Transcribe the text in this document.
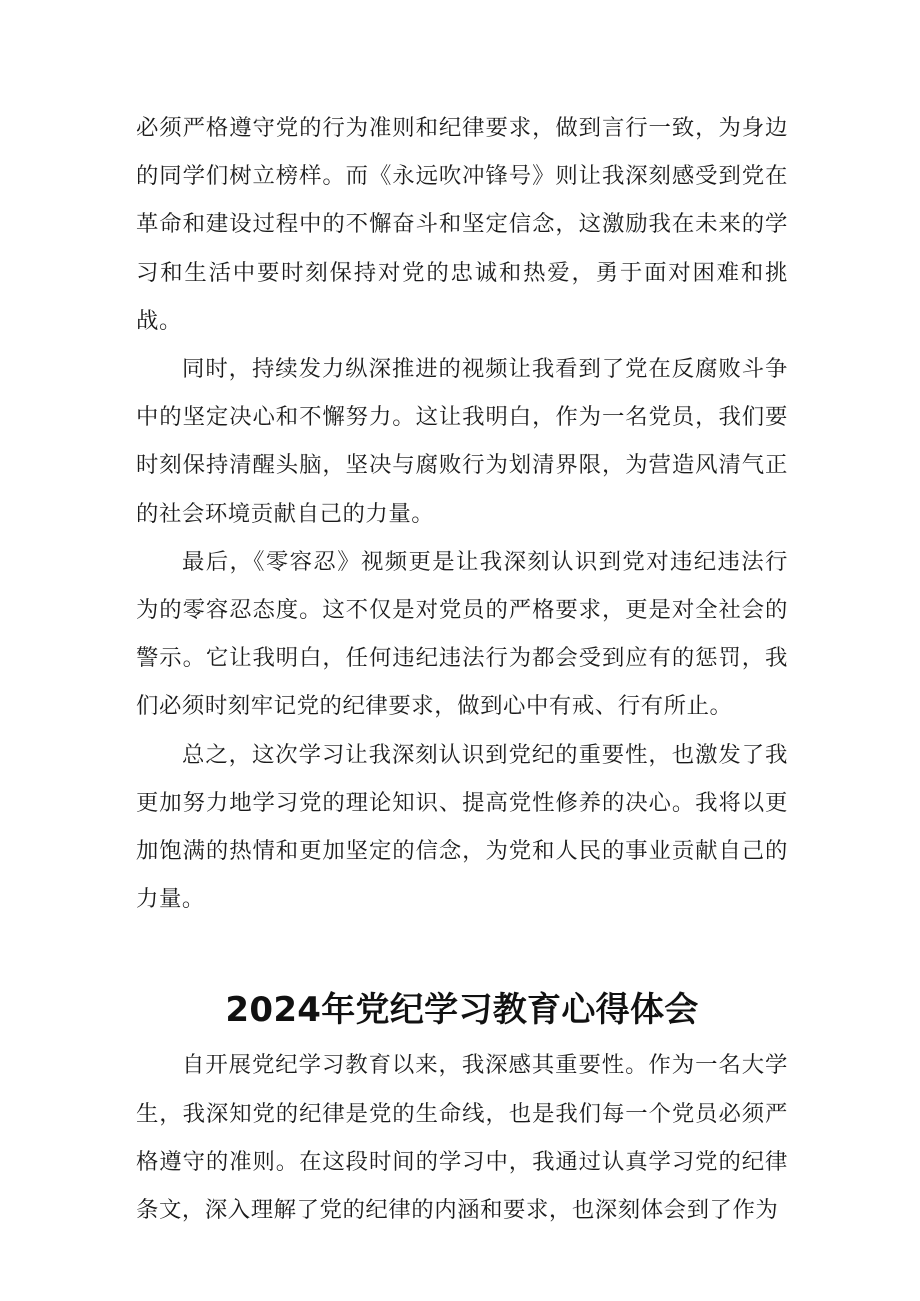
必须严格遵守党的行为准则和纪律要求，做到言行一致，为身边的同学们树立榜样。而《永远吹冲锋号》则让我深刻感受到党在革命和建设过程中的不懈奋斗和坚定信念，这激励我在未来的学习和生活中要时刻保持对党的忠诚和热爱，勇于面对困难和挑战。

同时，持续发力纵深推进的视频让我看到了党在反腐败斗争中的坚定决心和不懈努力。这让我明白，作为一名党员，我们要时刻保持清醒头脑，坚决与腐败行为划清界限，为营造风清气正的社会环境贡献自己的力量。

最后，《零容忍》视频更是让我深刻认识到党对违纪违法行为的零容忍态度。这不仅是对党员的严格要求，更是对全社会的警示。它让我明白，任何违纪违法行为都会受到应有的惩罚，我们必须时刻牢记党的纪律要求，做到心中有戒、行有所止。

总之，这次学习让我深刻认识到党纪的重要性，也激发了我更加努力地学习党的理论知识、提高党性修养的决心。我将以更加饱满的热情和更加坚定的信念，为党和人民的事业贡献自己的力量。

2024年党纪学习教育心得体会

自开展党纪学习教育以来，我深感其重要性。作为一名大学生，我深知党的纪律是党的生命线，也是我们每一个党员必须严格遵守的准则。在这段时间的学习中，我通过认真学习党的纪律条文，深入理解了党的纪律的内涵和要求，也深刻体会到了作为
